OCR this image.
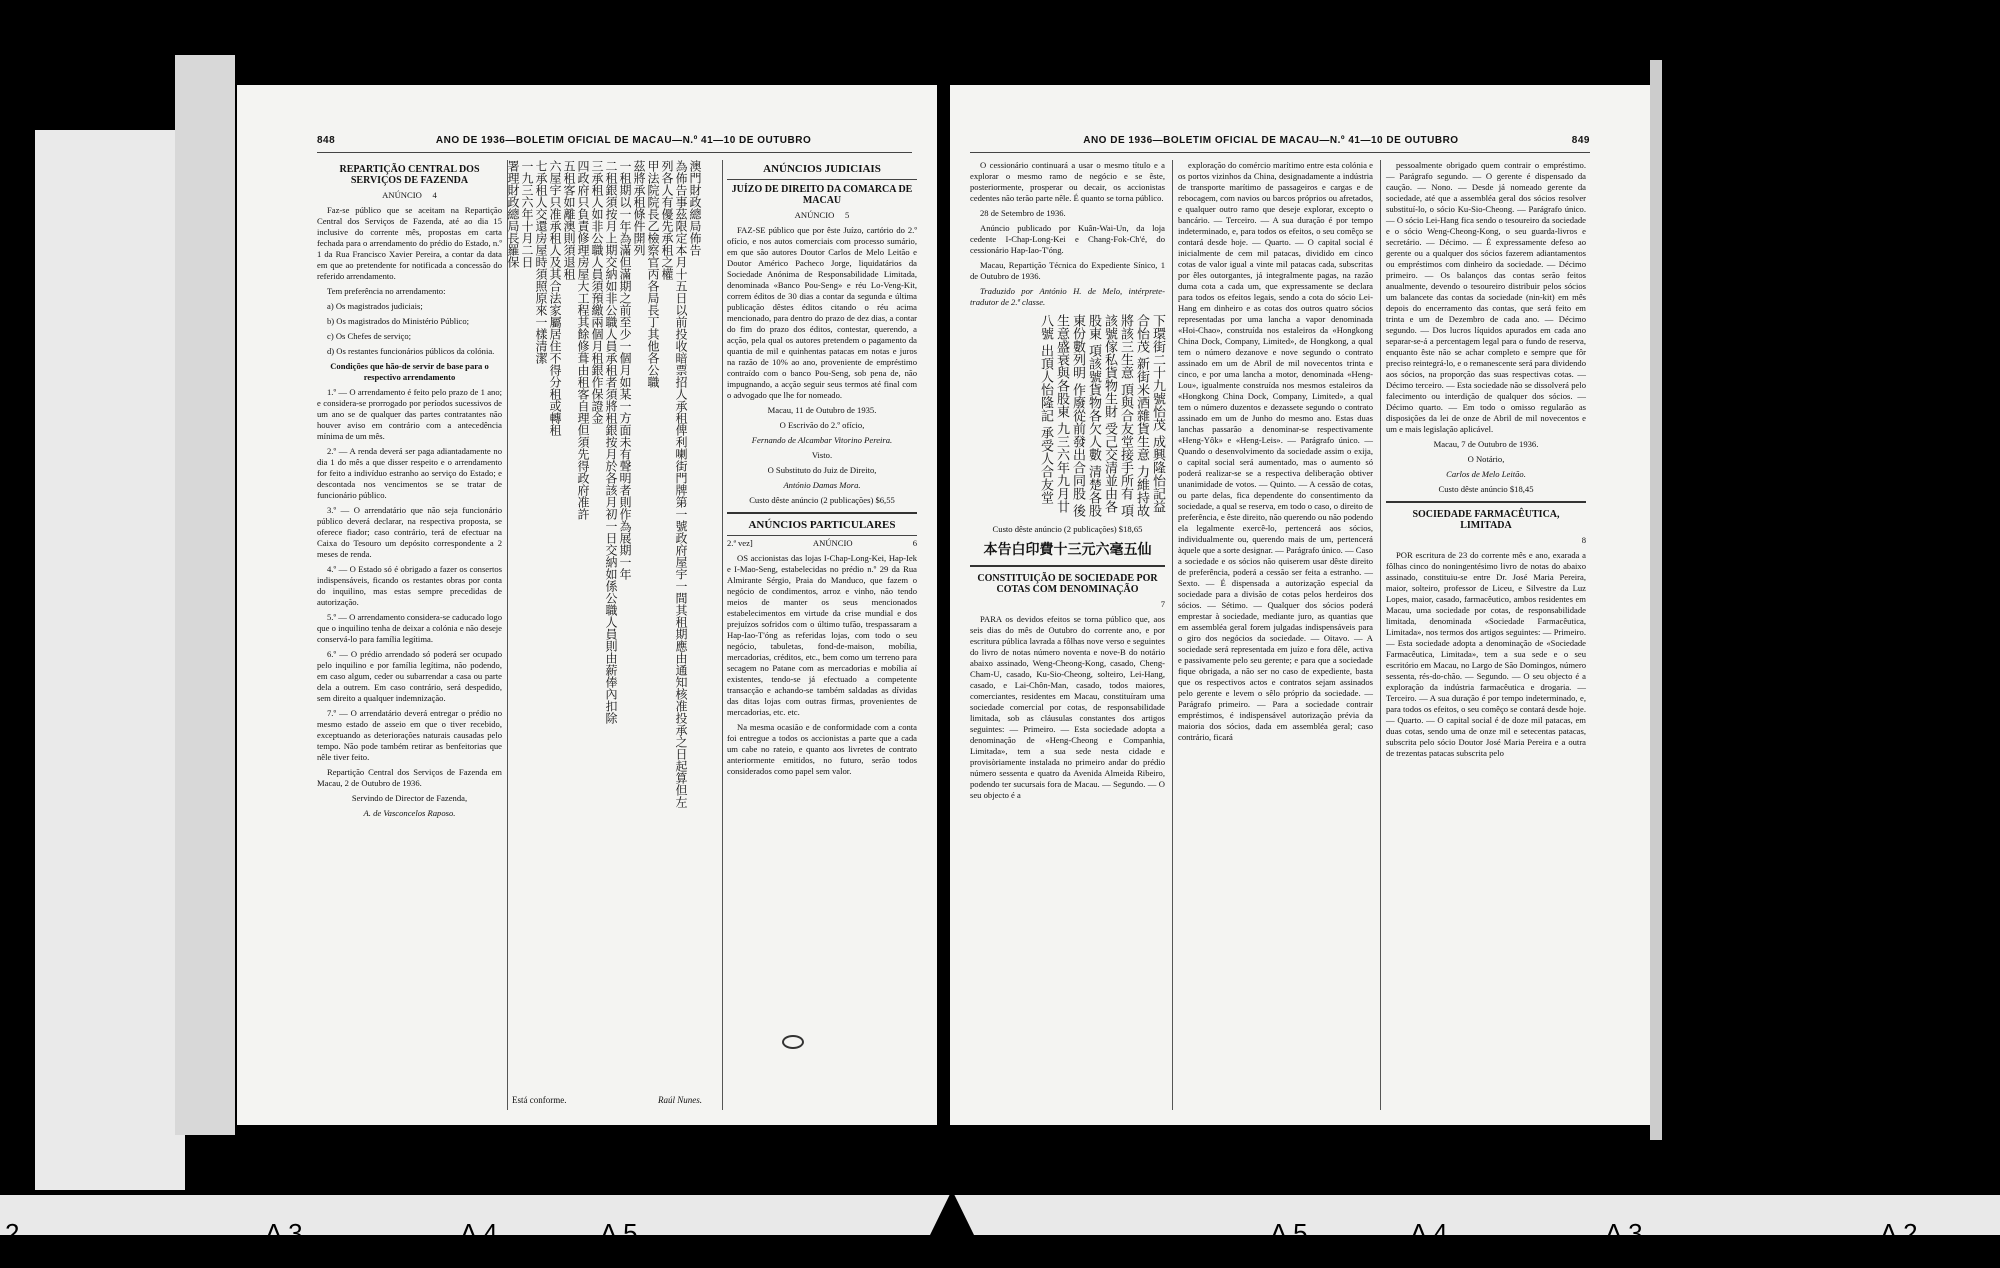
848	ANO DE 1936—BOLETIM OFICIAL DE MACAU—N.º 41—10 DE OUTUBRO
REPARTIÇÃO CENTRAL DOS SERVIÇOS DE FAZENDA

ANÚNCIO 4

Faz-se público que se aceitam na Repartição Central dos Serviços de Fazenda, até ao dia 15 inclusive do corrente mês, propostas em carta fechada para o arrendamento do prédio do Estado, n.º 1 da Rua Francisco Xavier Pereira, a contar da data em que ao pretendente for notificada a concessão do referido arrendamento.

Tem preferência no arrendamento:

a) Os magistrados judiciais;

b) Os magistrados do Ministério Público;

c) Os Chefes de serviço;

d) Os restantes funcionários públicos da colónia.

Condições que hão-de servir de base para o respectivo arrendamento

1.º — O arrendamento é feito pelo prazo de 1 ano; e considera-se prorrogado por períodos sucessivos de um ano se de qualquer das partes contratantes não houver aviso em contrário com a antecedência mínima de um mês.

2.º — A renda deverá ser paga adiantadamente no dia 1 do mês a que disser respeito e o arrendamento for feito a indivíduo estranho ao serviço do Estado; e descontada nos vencimentos se se tratar de funcionário público.

3.º — O arrendatário que não seja funcionário público deverá declarar, na respectiva proposta, se oferece fiador; caso contrário, terá de efectuar na Caixa do Tesouro um depósito correspondente a 2 meses de renda.

4.º — O Estado só é obrigado a fazer os consertos indispensáveis, ficando os restantes obras por conta do inquilino, mas estas sempre precedidas de autorização.

5.º — O arrendamento considera-se caducado logo que o inquilino tenha de deixar a colónia e não deseje conservá-lo para família legítima.

6.º — O prédio arrendado só poderá ser ocupado pelo inquilino e por família legítima, não podendo, em caso algum, ceder ou subarrendar a casa ou parte dela a outrem. Em caso contrário, será despedido, sem direito a qualquer indemnização.

7.º — O arrendatário deverá entregar o prédio no mesmo estado de asseio em que o tiver recebido, exceptuando as deteriorações naturais causadas pelo tempo. Não pode também retirar as benfeitorias que nêle tiver feito.

Repartição Central dos Serviços de Fazenda em Macau, 2 de Outubro de 1936.

Servindo de Director de Fazenda,

A. de Vasconcelos Raposo.

澳門財政總局佈告
為佈告事茲限定本月十五日以前投收暗票招人承租俾利喇街門牌第一號政府屋宇一間其租期應由通知核准投承之日起算但左
列各人有優先承租之權
甲法院院長乙檢察官丙各局長丁其他各公職
茲將承租條件開列
一租期以一年為滿但滿期之前至少一個月如某一方面未有聲明者則作為展期一年
二租銀須按月上期交納如非公職人員承租者須將租銀按月於各該月初一日交納如係公職人員則由薪俸內扣除
三承租人如非公職人員須預繳兩個月租銀作保證金
四政府只負責修理房屋大工程其餘修葺由租客自理但須先得政府准許
五租客如離澳則須退租
六屋宇只准承租人及其合法家屬居住不得分租或轉租
七承租人交還房屋時須照原來一樣清潔
一九三六年十月二日
署理財政總局長羅保
Está conforme.	Raúl Nunes.
ANÚNCIOS JUDICIAIS
JUÍZO DE DIREITO DA COMARCA DE MACAU

ANÚNCIO 5

FAZ-SE público que por êste Juízo, cartório do 2.º ofício, e nos autos comerciais com processo sumário, em que são autores Doutor Carlos de Melo Leitão e Doutor Américo Pacheco Jorge, liquidatários da Sociedade Anónima de Responsabilidade Limitada, denominada «Banco Pou-Seng» e réu Lo-Veng-Kit, correm éditos de 30 dias a contar da segunda e última publicação dêstes éditos citando o réu acima mencionado, para dentro do prazo de dez dias, a contar do fim do prazo dos éditos, contestar, querendo, a acção, pela qual os autores pretendem o pagamento da quantia de mil e quinhentas patacas em notas e juros na razão de 10% ao ano, proveniente de empréstimo contraído com o banco Pou-Seng, sob pena de, não impugnando, a acção seguir seus termos até final com o advogado que lhe for nomeado.

Macau, 11 de Outubro de 1935.

O Escrivão do 2.º ofício,

Fernando de Alcambar Vitorino Pereira.

Visto.

O Substituto do Juiz de Direito,

António Damas Mora.

Custo dêste anúncio (2 publicações) $6,55

ANÚNCIOS PARTICULARES

2.ª vez]	ANÚNCIO	6

OS accionistas das lojas I-Chap-Long-Kei, Hap-Iek e I-Mao-Seng, estabelecidas no prédio n.º 29 da Rua Almirante Sérgio, Praia do Manduco, que fazem o negócio de condimentos, arroz e vinho, não tendo meios de manter os seus mencionados estabelecimentos em virtude da crise mundial e dos prejuízos sofridos com o último tufão, trespassaram a Hap-Iao-T'óng as referidas lojas, com todo o seu negócio, tabuletas, fond-de-maison, mobília, mercadorias, créditos, etc., bem como um terreno para secagem no Patane com as mercadorias e mobília aí existentes, tendo-se já efectuado a competente transacção e achando-se também saldadas as dívidas das ditas lojas com outras firmas, provenientes de mercadorias, etc. etc.

Na mesma ocasião e de conformidade com a conta foi entregue a todos os accionistas a parte que a cada um cabe no rateio, e quanto aos livretes de contrato anteriormente emitidos, no futuro, serão todos considerados como papel sem valor.

ANO DE 1936—BOLETIM OFICIAL DE MACAU—N.º 41—10 DE OUTUBRO	849

O cessionário continuará a usar o mesmo título e a explorar o mesmo ramo de negócio e se êste, posteriormente, prosperar ou decair, os accionistas cedentes não terão parte nêle. É quanto se torna público.

28 de Setembro de 1936.

Anúncio publicado por Kuân-Wai-Un, da loja cedente I-Chap-Long-Kei e Chang-Fok-Ch'é, do cessionário Hap-Iao-T'óng.

Macau, Repartição Técnica do Expediente Sínico, 1 de Outubro de 1936.

Traduzido por António H. de Melo, intérprete-tradutor de 2.ª classe.

下環街二十九號怡茂 成興隆怡記益合怡茂 新街米酒雜貨生意 力維持故將該三生意 頂與合友堂接手所有 項該號傢私貨物生財 受己交清並由各股東 項該號貨物各欠人數 清楚各股東份數列明 作廢從前發出合同股 後生意盛衰與各股東 九三六年九月廿八號 出頂人怡隆記 承受人合友堂

Custo dêste anúncio (2 publicações) $18,65

本告白印費十三元六毫五仙
CONSTITUIÇÃO DE SOCIEDADE POR COTAS COM DENOMINAÇÃO

7

PARA os devidos efeitos se torna público que, aos seis dias do mês de Outubro do corrente ano, e por escritura pública lavrada a fôlhas nove verso e seguintes do livro de notas número noventa e nove-B do notário abaixo assinado, Weng-Cheong-Kong, casado, Cheng-Cham-U, casado, Ku-Sio-Cheong, solteiro, Lei-Hang, casado, e Lai-Chôn-Man, casado, todos maiores, comerciantes, residentes em Macau, constituíram uma sociedade comercial por cotas, de responsabilidade limitada, sob as cláusulas constantes dos artigos seguintes: — Primeiro. — Esta sociedade adopta a denominação de «Heng-Cheong e Companhia, Limitada», tem a sua sede nesta cidade e provisòriamente instalada no primeiro andar do prédio número sessenta e quatro da Avenida Almeida Ribeiro, podendo ter sucursais fora de Macau. — Segundo. — O seu objecto é a

exploração do comércio marítimo entre esta colónia e os portos vizinhos da China, designadamente a indústria de transporte marítimo de passageiros e cargas e de rebocagem, com navios ou barcos próprios ou afretados, e qualquer outro ramo que deseje explorar, excepto o bancário. — Terceiro. — A sua duração é por tempo indeterminado, e, para todos os efeitos, o seu comêço se contará desde hoje. — Quarto. — O capital social é inicialmente de cem mil patacas, dividido em cinco cotas de valor igual a vinte mil patacas cada, subscritas por êles outorgantes, já integralmente pagas, na razão duma cota a cada um, que expressamente se declara para todos os efeitos legais, sendo a cota do sócio Lei-Hang em dinheiro e as cotas dos outros quatro sócios representadas por uma lancha a vapor denominada «Hoi-Chao», construída nos estaleiros da «Hongkong China Dock, Company, Limited», de Hongkong, a qual tem o número dezanove e nove segundo o contrato assinado em um de Abril de mil novecentos trinta e cinco, e por uma lancha a motor, denominada «Heng-Lou», igualmente construída nos mesmos estaleiros da «Hongkong China Dock, Company, Limited», a qual tem o número duzentos e dezassete segundo o contrato assinado em um de Junho do mesmo ano. Estas duas lanchas passarão a denominar-se respectivamente «Heng-Yôk» e «Heng-Leis». — Parágrafo único. — Quando o desenvolvimento da sociedade assim o exija, o capital social será aumentado, mas o aumento só poderá realizar-se se a respectiva deliberação obtiver unanimidade de votos. — Quinto. — A cessão de cotas, ou parte delas, fica dependente do consentimento da sociedade, a qual se reserva, em todo o caso, o direito de preferência, e êste direito, não querendo ou não podendo ela legalmente exercê-lo, pertencerá aos sócios, individualmente ou, querendo mais de um, pertencerá àquele que a sorte designar. — Parágrafo único. — Caso a sociedade e os sócios não quiserem usar dêste direito de preferência, poderá a cessão ser feita a estranho. — Sexto. — É dispensada a autorização especial da sociedade para a divisão de cotas pelos herdeiros dos sócios. — Sétimo. — Qualquer dos sócios poderá emprestar à sociedade, mediante juro, as quantias que em assembléa geral forem julgadas indispensáveis para o giro dos negócios da sociedade. — Oitavo. — A sociedade será representada em juízo e fora dêle, activa e passivamente pelo seu gerente; e para que a sociedade fique obrigada, a não ser no caso de expediente, basta que os respectivos actos e contratos sejam assinados pelo gerente e levem o sêlo próprio da sociedade. — Parágrafo primeiro. — Para a sociedade contrair empréstimos, é indispensável autorização prévia da maioria dos sócios, dada em assembléa geral; caso contrário, ficará

pessoalmente obrigado quem contrair o empréstimo. — Parágrafo segundo. — O gerente é dispensado da caução. — Nono. — Desde já nomeado gerente da sociedade, até que a assembléa geral dos sócios resolver substituí-lo, o sócio Ku-Sio-Cheong. — Parágrafo único. — O sócio Lei-Hang fica sendo o tesoureiro da sociedade e o sócio Weng-Cheong-Kong, o seu guarda-livros e secretário. — Décimo. — É expressamente defeso ao gerente ou a qualquer dos sócios fazerem adiantamentos ou empréstimos com dinheiro da sociedade. — Décimo primeiro. — Os balanços das contas serão feitos anualmente, devendo o tesoureiro distribuir pelos sócios um balancete das contas da sociedade (nin-kit) em mês depois do encerramento das contas, que será feito em trinta e um de Dezembro de cada ano. — Décimo segundo. — Dos lucros líquidos apurados em cada ano separar-se-á a percentagem legal para o fundo de reserva, enquanto êste não se achar completo e sempre que fôr preciso reintegrá-lo, e o remanescente será para dividendo aos sócios, na proporção das suas respectivas cotas. — Décimo terceiro. — Esta sociedade não se dissolverá pelo falecimento ou interdição de qualquer dos sócios. — Décimo quarto. — Em todo o omisso regularão as disposições da lei de onze de Abril de mil novecentos e um e mais legislação aplicável.

Macau, 7 de Outubro de 1936.

O Notário,

Carlos de Melo Leitão.

Custo dêste anúncio $18,45

SOCIEDADE FARMACÊUTICA, LIMITADA

8

POR escritura de 23 do corrente mês e ano, exarada a fôlhas cinco do noningentésimo livro de notas do abaixo assinado, constituiu-se entre Dr. José Maria Pereira, maior, solteiro, professor de Liceu, e Silvestre da Luz Lopes, maior, casado, farmacêutico, ambos residentes em Macau, uma sociedade por cotas, de responsabilidade limitada, denominada «Sociedade Farmacêutica, Limitada», nos termos dos artigos seguintes: — Primeiro. — Esta sociedade adopta a denominação de «Sociedade Farmacêutica, Limitada», tem a sua sede e o seu escritório em Macau, no Largo de São Domingos, número sessenta, rés-do-chão. — Segundo. — O seu objecto é a exploração da indústria farmacêutica e drogaria. — Terceiro. — A sua duração é por tempo indeterminado, e, para todos os efeitos, o seu comêço se contará desde hoje. — Quarto. — O capital social é de doze mil patacas, em duas cotas, sendo uma de onze mil e setecentas patacas, subscrita pelo sócio Doutor José Maria Pereira e a outra de trezentas patacas subscrita pelo

2	A 3	A 4	A 5	A 5	A 4	A 3	A 2
